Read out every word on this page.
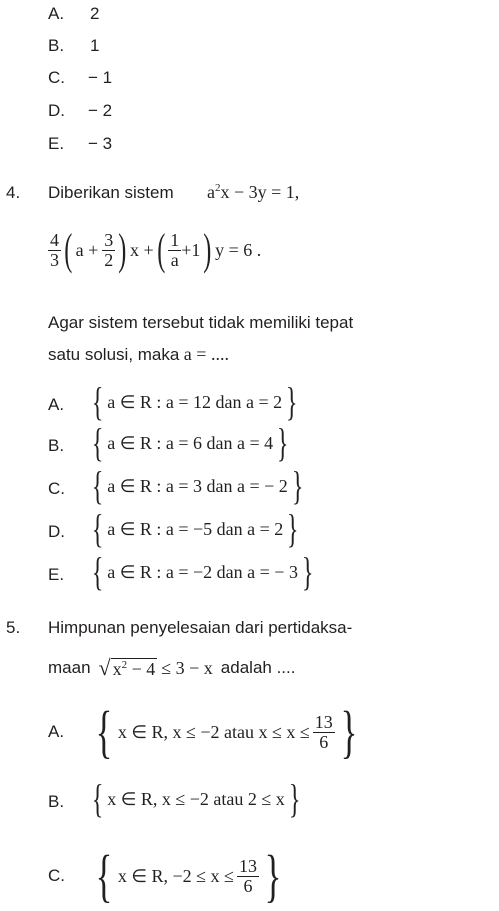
A. 2
B. 1
C. − 1
D. − 2
E. − 3
4. Diberikan sistem $a^2x - 3y = 1$,
$\frac{4}{3}$ ( $a + \frac{3}{2}$ ) x + ( $\frac{1}{a} +1$ ) y = 6 .
Agar sistem tersebut tidak memiliki tepat
satu solusi, maka a = ....
A. { a ∈ R : a = 12 dan a = 2 }
B. { a ∈ R : a = 6 dan a = 4 }
C. { a ∈ R : a = 3 dan a = − 2 }
D. { a ∈ R : a = −5 dan a = 2 }
E. { a ∈ R : a = −2 dan a = − 3 }
5. Himpunan penyelesaian dari pertidaksa-
maan √ $x^2 - 4 \le 3 - x$ adalah ....
A. { x ∈ R, x ≤ −2 atau $x \le x \le \frac{13}{6}$ }
B. { x ∈ R, x ≤ −2 atau 2 ≤ x }
C. { x ∈ R, $-2 \le x \le \frac{13}{6}$ }
